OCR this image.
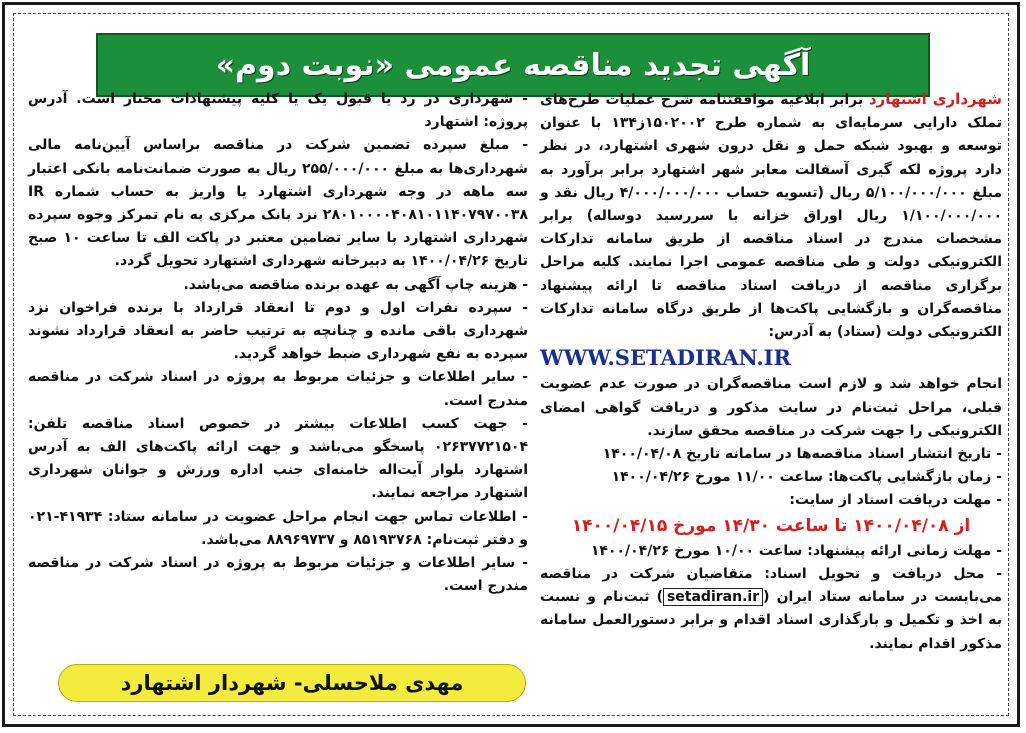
آگهی تجدید مناقصه عمومی «نوبت دوم»

شهرداری اشتهارد برابر ابلاغیه موافقتنامه شرح عملیات طرح‌های تملک دارایی سرمایه‌ای به شماره طرح ۱۵۰۲۰۰۲ز۱۳۴ با عنوان توسعه و بهبود شبکه حمل و نقل درون شهری اشتهارد، در نظر دارد پروژه لکه گیری آسفالت معابر شهر اشتهارد برابر برآورد به مبلغ ۵/۱۰۰/۰۰۰/۰۰۰ ریال (تسویه حساب ۴/۰۰۰/۰۰۰/۰۰۰ ریال نقد و ۱/۱۰۰/۰۰۰/۰۰۰ ریال اوراق خزانه با سررسید دوساله) برابر مشخصات مندرج در اسناد مناقصه از طریق سامانه تدارکات الکترونیکی دولت و طی مناقصه عمومی اجرا نمایند. کلیه مراحل برگزاری مناقصه از دریافت اسناد مناقصه تا ارائه پیشنهاد مناقصه‌گران و بازگشایی پاکت‌ها از طریق درگاه سامانه تدارکات الکترونیکی دولت (ستاد) به آدرس:

WWW.SETADIRAN.IR

انجام خواهد شد و لازم است مناقصه‌گران در صورت عدم عضویت قبلی، مراحل ثبت‌نام در سایت مذکور و دریافت گواهی امضای الکترونیکی را جهت شرکت در مناقصه محقق سازند.

- تاریخ انتشار اسناد مناقصه‌ها در سامانه تاریخ ۱۴۰۰/۰۴/۰۸

- زمان بازگشایی پاکت‌ها: ساعت ۱۱/۰۰ مورخ ۱۴۰۰/۰۴/۲۶

- مهلت دریافت اسناد از سایت:

از ۱۴۰۰/۰۴/۰۸ تا ساعت ۱۴/۳۰ مورخ ۱۴۰۰/۰۴/۱۵

- مهلت زمانی ارائه پیشنهاد: ساعت ۱۰/۰۰ مورخ ۱۴۰۰/۰۴/۲۶

- محل دریافت و تحویل اسناد: متقاضیان شرکت در مناقصه می‌بایست در سامانه ستاد ایران (setadiran.ir) ثبت‌نام و نسبت به اخذ و تکمیل و بارگذاری اسناد اقدام و برابر دستورالعمل سامانه مذکور اقدام نمایند.

- شهرداری در رد یا قبول یک یا کلیه پیشنهادات مختار است. آدرس پروژه: اشتهارد

- مبلغ سپرده تضمین شرکت در مناقصه براساس آیین‌نامه مالی شهرداری‌ها به مبلغ ۲۵۵/۰۰۰/۰۰۰ ریال به صورت ضمانت‌نامه بانکی اعتبار سه ماهه در وجه شهرداری اشتهارد یا واریز به حساب شماره IR ۲۸۰۱۰۰۰۰۴۰۸۱۰۱۱۴۰۷۹۷۰۰۳۸ نزد بانک مرکزی به نام تمرکز وجوه سپرده شهرداری اشتهارد با سایر تضامین معتبر در پاکت الف تا ساعت ۱۰ صبح تاریخ ۱۴۰۰/۰۴/۲۶ به دبیرخانه شهرداری اشتهارد تحویل گردد.

- هزینه چاپ آگهی به عهده برنده مناقصه می‌باشد.

- سپرده نفرات اول و دوم تا انعقاد قرارداد با برنده فراخوان نزد شهرداری باقی مانده و چنانچه به ترتیب حاضر به انعقاد قرارداد نشوند سپرده به نفع شهرداری ضبط خواهد گردید.

- سایر اطلاعات و جزئیات مربوط به پروژه در اسناد شرکت در مناقصه مندرج است.

- جهت کسب اطلاعات بیشتر در خصوص اسناد مناقصه تلفن: ۰۲۶۳۷۷۲۱۵۰۴ پاسخگو می‌باشد و جهت ارائه پاکت‌های الف به آدرس اشتهارد بلوار آیت‌اله خامنه‌ای جنب اداره ورزش و جوانان شهرداری اشتهارد مراجعه نمایند.

- اطلاعات تماس جهت انجام مراحل عضویت در سامانه ستاد: ۴۱۹۳۴-۰۲۱ و دفتر ثبت‌نام: ۸۵۱۹۳۷۶۸ و ۸۸۹۶۹۷۳۷ می‌باشد.

- سایر اطلاعات و جزئیات مربوط به پروژه در اسناد شرکت در مناقصه مندرج است.

مهدی ملاحسلی- شهردار اشتهارد
